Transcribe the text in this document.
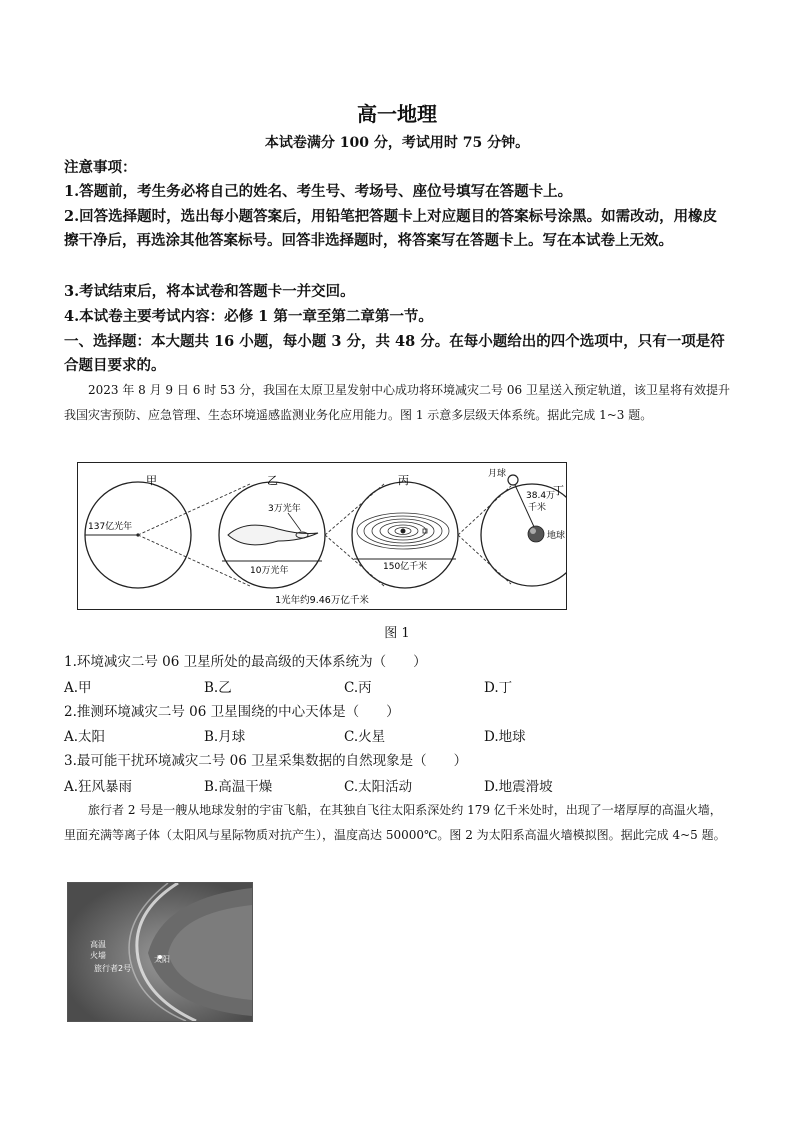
高一地理
本试卷满分 100 分，考试用时 75 分钟。
注意事项：
1.答题前，考生务必将自己的姓名、考生号、考场号、座位号填写在答题卡上。
2.回答选择题时，选出每小题答案后，用铅笔把答题卡上对应题目的答案标号涂黑。如需改动，用橡皮擦干净后，再选涂其他答案标号。回答非选择题时，将答案写在答题卡上。写在本试卷上无效。
3.考试结束后，将本试卷和答题卡一并交回。
4.本试卷主要考试内容：必修 1 第一章至第二章第一节。
一、选择题：本大题共 16 小题，每小题 3 分，共 48 分。在每小题给出的四个选项中，只有一项是符合题目要求的。
2023 年 8 月 9 日 6 时 53 分，我国在太原卫星发射中心成功将环境减灾二号 06 卫星送入预定轨道，该卫星将有效提升我国灾害预防、应急管理、生态环境遥感监测业务化应用能力。图 1 示意多层级天体系统。据此完成 1~3 题。
甲	乙	丙
丁
137亿光年
3万光年
10万光年	150亿千米
月球
38.4万
千米
地球
1光年约9.46万亿千米
图 1
1.环境减灾二号 06 卫星所处的最高级的天体系统为（　　）
A.甲	B.乙	C.丙	D.丁
2.推测环境减灾二号 06 卫星围绕的中心天体是（　　）
A.太阳	B.月球	C.火星	D.地球
3.最可能干扰环境减灾二号 06 卫星采集数据的自然现象是（　　）
A.狂风暴雨	B.高温干燥	C.太阳活动	D.地震滑坡
旅行者 2 号是一艘从地球发射的宇宙飞船，在其独自飞往太阳系深处约 179 亿千米处时，出现了一堵厚厚的高温火墙，里面充满等离子体（太阳风与星际物质对抗产生），温度高达 50000℃。图 2 为太阳系高温火墙模拟图。据此完成 4~5 题。
高温
火墙
旅行者2号
太阳
